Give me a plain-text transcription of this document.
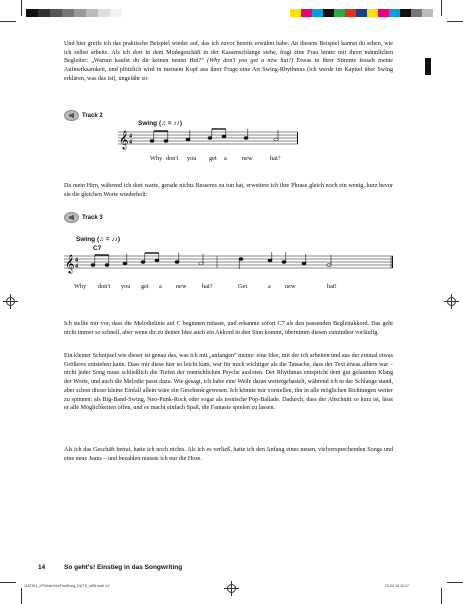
Und hier greifs ich das praktische Beispiel wieder auf, das ich zuvor bereits erwähnt habe. An diesem Beispiel kannst du sehen, wie ich selbst arbeite. Als ich dort in dem Modegeschäft in der Kassenschlange stehe, fragt eine Frau hinter mir ihren männlichen Begleiter: „Warum kaufst du dir keinen neuen Hut?“ (Why don't you get a new hat?) Etwas in ihrer Stimme fesselt meine Aufmerksamkeit, und plötzlich wird in meinem Kopf aus ihrer Frage eine Art Swing-Rhythmus (ich werde im Kapitel über Swing erklären, was das ist), ungefähr so:

Track 2
Swing (♫ = ♪♪)
𝄞 4
4
Why don't you get a new	hat?

Da mein Hirn, während ich dort warte, gerade nichts Besseres zu tun hat, erweitere ich ihre Phrase gleich noch ein wenig, kurz bevor sie die gleichen Worte wiederholt:

Track 3
Swing (♫ = ♪♪)
C7
𝄞 4
4
Why don't you get a new hat?	Get	a new	hat!

Ich stellte mir vor, dass die Melodielinie auf C beginnen müsste, und erkannte sofort C7 als den passenden Begleitakkord. Das geht nicht immer so schnell, aber wenn dir zu deiner Idee auch ein Akkord in den Sinn kommt, übernimm diesen zumindest vorläufig.

Ein kleiner Schnipsel wie dieser ist genau das, was ich mit „anfangen“ meine: eine Idee, mit der ich arbeiten und aus der einmal etwas Größeres entstehen kann. Dass mir diese hier so leicht kam, war für mich wichtiger als die Tatsache, dass der Text etwas albern war – nicht jeder Song muss schließlich die Tiefen der menschlichen Psyche ausloten. Der Rhythmus entspricht dem gut gelaunten Klang der Worte, und auch die Melodie passt dazu. Wie gesagt, ich habe eine Weile daran weitergebastelt, während ich in der Schlange stand, aber schon dieser kleine Einfall allein wäre ein Geschenk gewesen. Ich könnte mir vorstellen, ihn in alle möglichen Richtungen weiter zu spinnen: als Big-Band-Swing, Neo-Punk-Rock oder sogar als ironische Pop-Ballade. Dadurch, dass der Abschnitt so kurz ist, lässt er alle Möglichkeiten offen, und es macht einfach Spaß, die Fantasie spielen zu lassen.

Als ich das Geschäft betrat, hatte ich noch nichts. Als ich es verließ, hatte ich den Anfang eines neuen, vielversprechenden Songs und eine neue Jeans – und bezahlen musste ich nur die Hose.

14	So geht's! Einstieg in das Songwriting
1157511_HTWriteYourFirstSong_DUTS_rd05.indd 14	23.03.16 10:17
